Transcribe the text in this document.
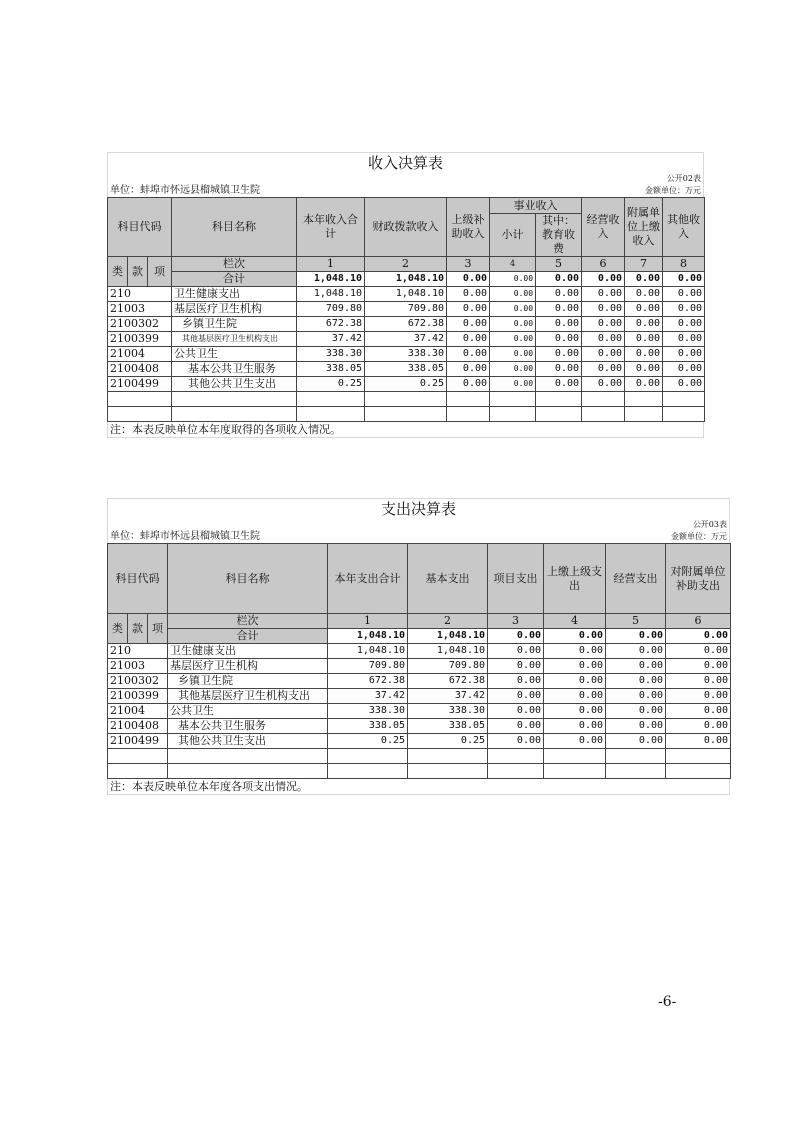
收入决算表
公开02表
单位：蚌埠市怀远县榴城镇卫生院	金额单位：万元
科目代码			科目名称	本年收入合计	财政拨款收入	上级补助收入	事业收入		经营收入	附属单位上缴收入	其他收入
							小计	其中：教育收费			

类	款	项	栏次	1	2	3	4	5	6	7	8
			合计	1,048.10	1,048.10	0.00	0.00	0.00	0.00	0.00	0.00
210			卫生健康支出	1,048.10	1,048.10	0.00	0.00	0.00	0.00	0.00	0.00
21003			基层医疗卫生机构	709.80	709.80	0.00	0.00	0.00	0.00	0.00	0.00
2100302			乡镇卫生院	672.38	672.38	0.00	0.00	0.00	0.00	0.00	0.00
2100399			其他基层医疗卫生机构支出	37.42	37.42	0.00	0.00	0.00	0.00	0.00	0.00
21004			公共卫生	338.30	338.30	0.00	0.00	0.00	0.00	0.00	0.00
2100408			基本公共卫生服务	338.05	338.05	0.00	0.00	0.00	0.00	0.00	0.00
2100499			其他公共卫生支出	0.25	0.25	0.00	0.00	0.00	0.00	0.00	0.00

注：本表反映单位本年度取得的各项收入情况。
支出决算表
公开03表
单位：蚌埠市怀远县榴城镇卫生院	金额单位：万元
科目代码			科目名称	本年支出合计	基本支出	项目支出	上缴上级支出	经营支出	对附属单位补助支出
类	款	项	栏次	1	2	3	4	5	6
			合计	1,048.10	1,048.10	0.00	0.00	0.00	0.00
210			卫生健康支出	1,048.10	1,048.10	0.00	0.00	0.00	0.00
21003			基层医疗卫生机构	709.80	709.80	0.00	0.00	0.00	0.00
2100302			乡镇卫生院	672.38	672.38	0.00	0.00	0.00	0.00
2100399			其他基层医疗卫生机构支出	37.42	37.42	0.00	0.00	0.00	0.00
21004			公共卫生	338.30	338.30	0.00	0.00	0.00	0.00
2100408			基本公共卫生服务	338.05	338.05	0.00	0.00	0.00	0.00
2100499			其他公共卫生支出	0.25	0.25	0.00	0.00	0.00	0.00

注：本表反映单位本年度各项支出情况。
-6-
